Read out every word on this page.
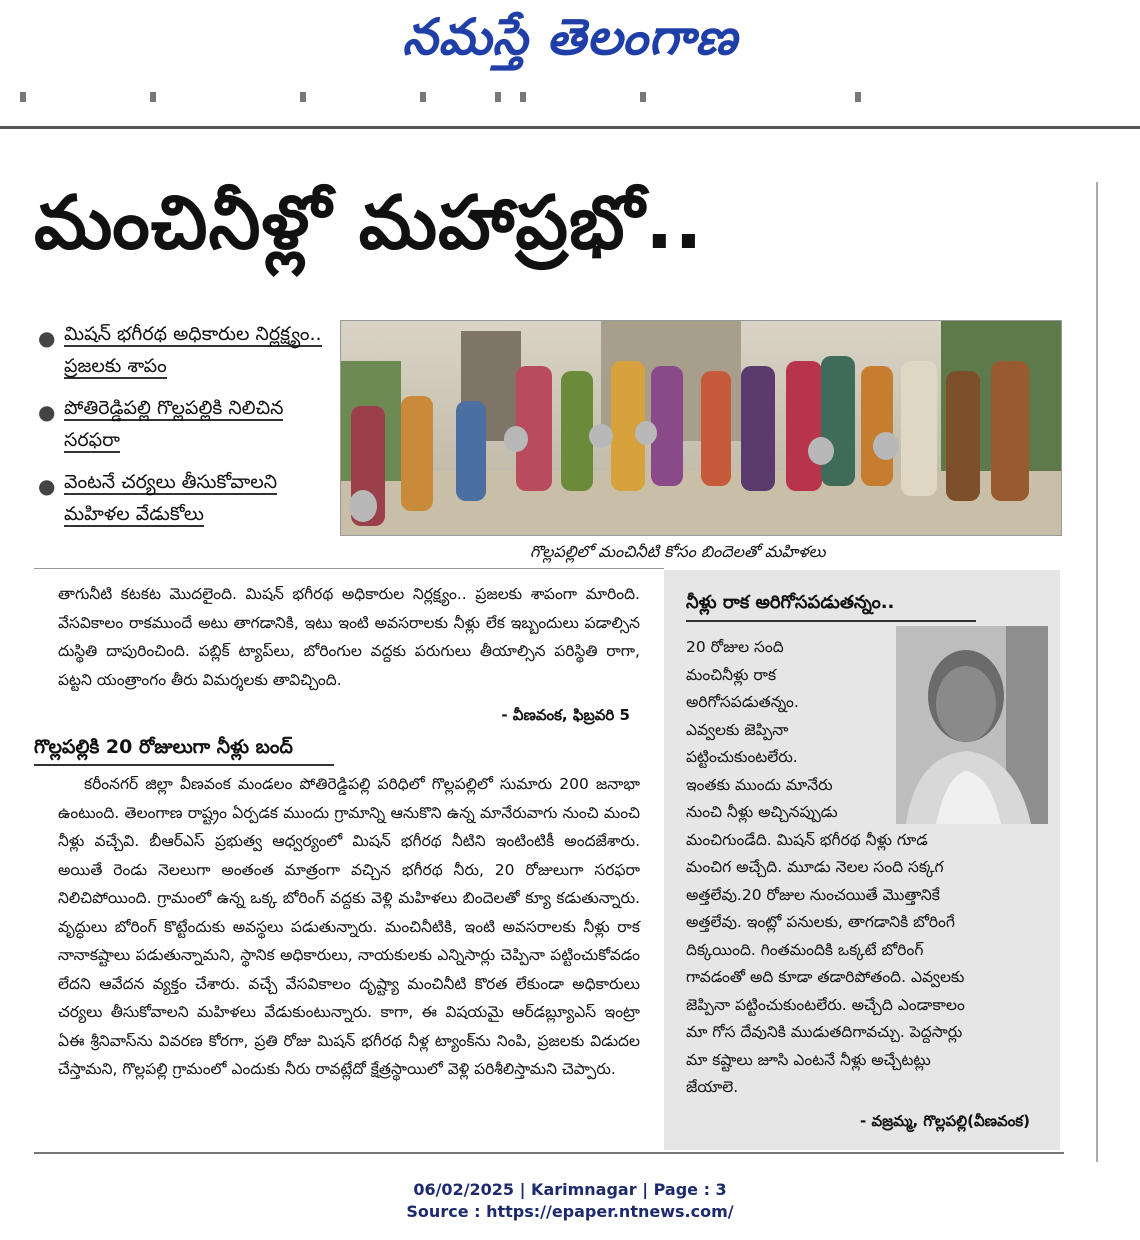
నమస్తే తెలంగాణ
మంచినీళ్లో మహాప్రభో..
● మిషన్ భగీరథ అధికారుల నిర్లక్ష్యం.. ప్రజలకు శాపం
● పోతిరెడ్డిపల్లి గొల్లపల్లికి నిలిచిన సరఫరా
● వెంటనే చర్యలు తీసుకోవాలని మహిళల వేడుకోలు
గొల్లపల్లిలో మంచినీటి కోసం బిందెలతో మహిళలు
తాగునీటి కటకట మొదలైంది. మిషన్ భగీరథ అధికారుల నిర్లక్ష్యం.. ప్రజలకు శాపంగా మారింది. వేసవికాలం రాకముందే అటు తాగడానికి, ఇటు ఇంటి అవసరాలకు నీళ్లు లేక ఇబ్బందులు పడాల్సిన దుస్థితి దాపురించింది. పబ్లిక్ ట్యాప్‌లు, బోరింగుల వద్దకు పరుగులు తీయాల్సిన పరిస్థితి రాగా, పట్టని యంత్రాంగం తీరు విమర్శలకు తావిచ్చింది.
- వీణవంక, ఫిబ్రవరి 5
గొల్లపల్లికి 20 రోజులుగా నీళ్లు బంద్
కరీంనగర్ జిల్లా వీణవంక మండలం పోతిరెడ్డిపల్లి పరిధిలో గొల్లపల్లిలో సుమారు 200 జనాభా ఉంటుంది. తెలంగాణ రాష్ట్రం ఏర్పడక ముందు గ్రామాన్ని ఆనుకొని ఉన్న మానేరువాగు నుంచి మంచి నీళ్లు వచ్చేవి. బీఆర్‌ఎస్ ప్రభుత్వ ఆధ్వర్యంలో మిషన్ భగీరథ నీటిని ఇంటింటికీ అందజేశారు. అయితే రెండు నెలలుగా అంతంత మాత్రంగా వచ్చిన భగీరథ నీరు, 20 రోజులుగా సరఫరా నిలిచిపోయింది. గ్రామంలో ఉన్న ఒక్క బోరింగ్ వద్దకు వెళ్లి మహిళలు బిందెలతో క్యూ కడుతున్నారు. వృద్ధులు బోరింగ్ కొట్టేందుకు అవస్థలు పడుతున్నారు. మంచినీటికి, ఇంటి అవసరాలకు నీళ్లు రాక నానాకష్టాలు పడుతున్నామని, స్థానిక అధికారులు, నాయకులకు ఎన్నిసార్లు చెప్పినా పట్టించుకోవడం లేదని ఆవేదన వ్యక్తం చేశారు. వచ్చే వేసవికాలం దృష్ట్యా మంచినీటి కొరత లేకుండా అధికారులు చర్యలు తీసుకోవాలని మహిళలు వేడుకుంటున్నారు. కాగా, ఈ విషయమై ఆర్‌డబ్ల్యూఎస్ ఇంట్రా ఏఈ శ్రీనివాస్‌ను వివరణ కోరగా, ప్రతి రోజు మిషన్ భగీరథ నీళ్ల ట్యాంక్‌ను నింపి, ప్రజలకు విడుదల చేస్తామని, గొల్లపల్లి గ్రామంలో ఎందుకు నీరు రావట్లేదో క్షేత్రస్థాయిలో వెళ్లి పరిశీలిస్తామని చెప్పారు.
నీళ్లు రాక అరిగోసపడుతన్నం..
20 రోజుల సంది
మంచినీళ్లు రాక
అరిగోసపడుతన్నం.
ఎవ్వలకు జెప్పినా
పట్టించుకుంటలేరు.
ఇంతకు ముందు మానేరు
నుంచి నీళ్లు అచ్చినప్పుడు
మంచిగుండేది. మిషన్ భగీరథ నీళ్లు గూడ
మంచిగ అచ్చేది. మూడు నెలల సంది సక్కగ
అత్తలేవు.20 రోజుల నుంచయితే మొత్తానికే
అత్తలేవు. ఇంట్లో పనులకు, తాగడానికి బోరింగే
దిక్కయింది. గింతమందికి ఒక్కటే బోరింగ్
గావడంతో అది కూడా తడారిపోతంది. ఎవ్వలకు
జెప్పినా పట్టించుకుంటలేరు. అచ్చేది ఎండాకాలం
మా గోస దేవునికి ముడుతదిగావచ్చు. పెద్దసార్లు
మా కష్టాలు జూసి ఎంటనే నీళ్లు అచ్చేటట్లు
జేయాలె.
- వజ్రమ్మ, గొల్లపల్లి(వీణవంక)
06/02/2025 | Karimnagar | Page : 3
Source : https://epaper.ntnews.com/
